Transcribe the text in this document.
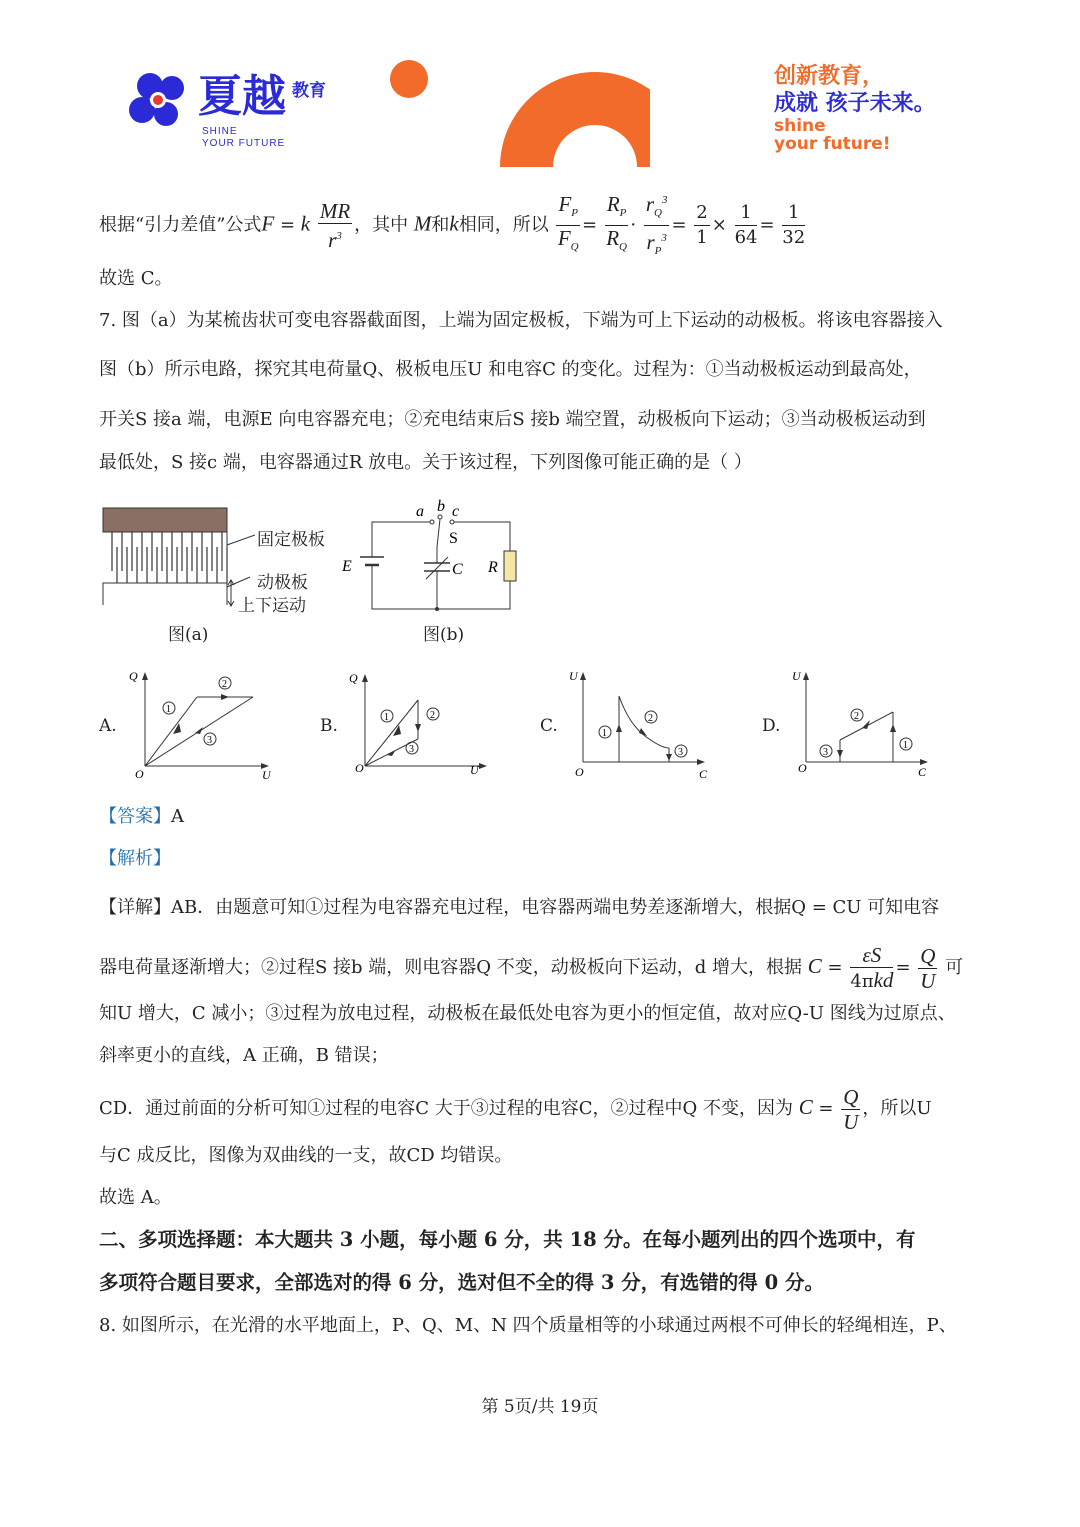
夏越 教育
SHINE
YOUR FUTURE
创新教育，
成就 孩子未来。
shine
your future!
根据“引力差值”公式F = k $\frac{MR}{r^3}$ ，其中 M和k相同，所以 $\frac{F_P}{F_Q} = \frac{R_P}{R_Q} \cdot \frac{r_Q^3}{r_P^3} = \frac{2}{1} \times \frac{1}{64} = \frac{1}{32}$
故选 C。
7. 图（a）为某梳齿状可变电容器截面图，上端为固定极板，下端为可上下运动的动极板。将该电容器接入
图（b）所示电路，探究其电荷量Q、极板电压U 和电容C 的变化。过程为：①当动极板运动到最高处，
开关S 接a 端，电源E 向电容器充电；②充电结束后S 接b 端空置，动极板向下运动；③当动极板运动到
最低处，S 接c 端，电容器通过R 放电。关于该过程，下列图像可能正确的是（ ）
固定极板
动极板
上下运动
图(a)
a b c
S
C
E	R
图(b)
A.
Q
O	U
1
2
3
B.
Q
O	U
1	2
3
C.
U
O	C
1
2
3
D.
U
O	C
1
2
3
【答案】A
【解析】
【详解】AB．由题意可知①过程为电容器充电过程，电容器两端电势差逐渐增大，根据Q = CU 可知电容
器电荷量逐渐增大；②过程S 接b 端，则电容器Q 不变，动极板向下运动，d 增大，根据 $C = \frac{\varepsilon S}{\text{4πkd}} = \frac{Q}{U}$ 可
知U 增大，C 减小；③过程为放电过程，动极板在最低处电容为更小的恒定值，故对应Q-U 图线为过原点、
斜率更小的直线，A 正确，B 错误；
CD．通过前面的分析可知①过程的电容C 大于③过程的电容C，②过程中Q 不变，因为 $C = \frac{Q}{U}$ ，所以U
与C 成反比，图像为双曲线的一支，故CD 均错误。
故选 A。
二、多项选择题：本大题共 3 小题，每小题 6 分，共 18 分。在每小题列出的四个选项中，有
多项符合题目要求，全部选对的得 6 分，选对但不全的得 3 分，有选错的得 0 分。
8. 如图所示，在光滑的水平地面上，P、Q、M、N 四个质量相等的小球通过两根不可伸长的轻绳相连，P、
第 5页/共 19页
